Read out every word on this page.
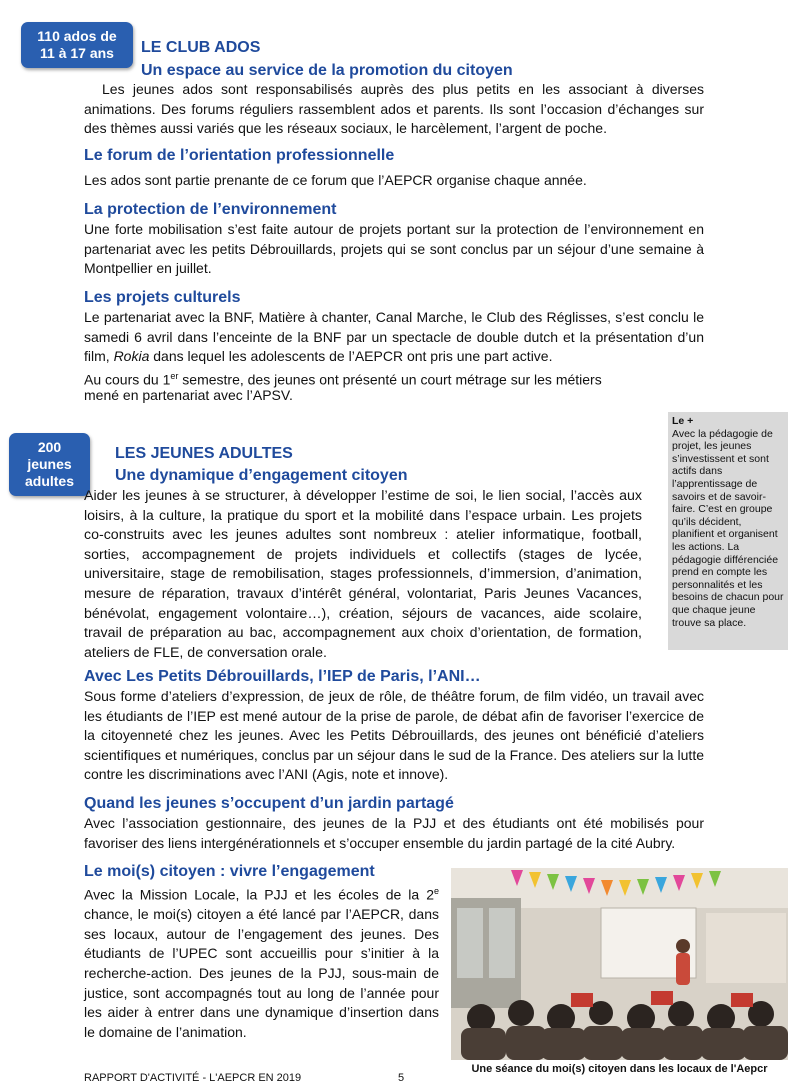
110 ados de
11 à 17 ans	LE CLUB ADOS
Un espace au service de la promotion du citoyen
Les jeunes ados sont responsabilisés auprès des plus petits en les associant à diverses animations. Des forums réguliers rassemblent ados et parents. Ils sont l’occasion d’échanges sur des thèmes aussi variés que les réseaux sociaux, le harcèlement, l’argent de poche.
Le forum de l’orientation professionnelle
Les ados sont partie prenante de ce forum que l’AEPCR organise chaque année.
La protection de l’environnement
Une forte mobilisation s’est faite autour de projets portant sur la protection de l’environnement en partenariat avec les petits Débrouillards, projets qui se sont conclus par un séjour d’une semaine à Montpellier en juillet.
Les projets culturels
Le partenariat avec la BNF, Matière à chanter, Canal Marche, le Club des Réglisses, s’est conclu le samedi 6 avril dans l’enceinte de la BNF par un spectacle de double dutch et la présentation d’un film, Rokia dans lequel les adolescents de l’AEPCR ont pris une part active.
Au cours du 1er semestre, des jeunes ont présenté un court métrage sur les métiers
mené en partenariat avec l’APSV.
200 jeunes
adultes
LES JEUNES ADULTES
Une dynamique d’engagement citoyen
Aider les jeunes à se structurer, à développer l’estime de soi, le lien social, l’accès aux loisirs, à la culture, la pratique du sport et la mobilité dans l’espace urbain. Les projets co-construits avec les jeunes adultes sont nombreux : atelier informatique, football, sorties, accompagnement de projets individuels et collectifs (stages de lycée, universitaire, stage de remobilisation, stages professionnels, d’immersion, d’animation, mesure de réparation, travaux d’intérêt général, volontariat, Paris Jeunes Vacances, bénévolat, engagement volontaire…), création, séjours de vacances, aide scolaire, travail de préparation au bac, accompagnement aux choix d’orientation, de formation, ateliers de FLE, de conversation orale.
Le +
Avec la pédagogie de projet, les jeunes s’investissent et sont actifs dans l’apprentissage de savoirs et de savoir-faire. C’est en groupe qu’ils décident, planifient et organisent les actions. La pédagogie différenciée prend en compte les personnalités et les besoins de chacun pour que chaque jeune trouve sa place.
Avec Les Petits Débrouillards, l’IEP de Paris, l’ANI…
Sous forme d’ateliers d’expression, de jeux de rôle, de théâtre forum, de film vidéo, un travail avec les étudiants de l’IEP est mené autour de la prise de parole, de débat afin de favoriser l’exercice de la citoyenneté chez les jeunes. Avec les Petits Débrouillards, des jeunes ont bénéficié d’ateliers scientifiques et numériques, conclus par un séjour dans le sud de la France. Des ateliers sur la lutte contre les discriminations avec l’ANI (Agis, note et innove).
Quand les jeunes s’occupent d’un jardin partagé
Avec l’association gestionnaire, des jeunes de la PJJ et des étudiants ont été mobilisés pour favoriser des liens intergénérationnels et s’occuper ensemble du jardin partagé de la cité Aubry.
Le moi(s) citoyen : vivre l’engagement
Avec la Mission Locale, la PJJ et les écoles de la 2e chance, le moi(s) citoyen a été lancé par l’AEPCR, dans ses locaux, autour de l’engagement des jeunes. Des étudiants de l’UPEC sont accueillis pour s’initier à la recherche-action. Des jeunes de la PJJ, sous-main de justice, sont accompagnés tout au long de l’année pour les aider à entrer dans une dynamique d’insertion dans le domaine de l’animation.
Une séance du moi(s) citoyen dans les locaux de l'Aepcr
RAPPORT D'ACTIVITÉ - L'AEPCR EN 2019	5
